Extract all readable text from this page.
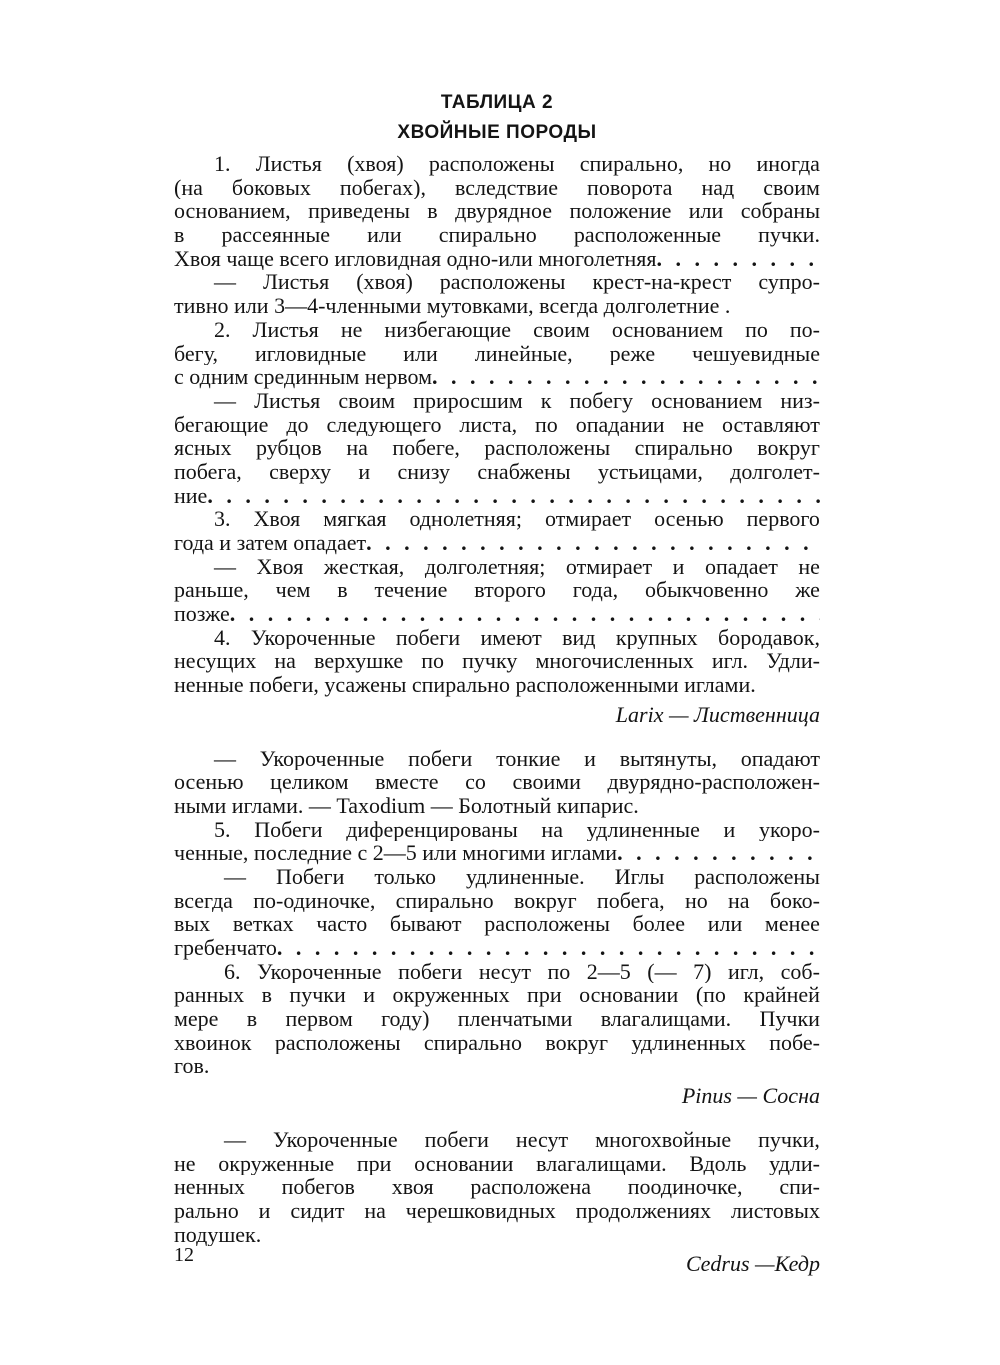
ТАБЛИЦА 2
ХВОЙНЫЕ ПОРОДЫ
1. Листья (хвоя) расположены спирально, но иногда
(на боковых побегах), вследствие поворота над своим
основанием, приведены в двурядное положение или собраны
в рассеянные или спирально расположенные пучки.
Хвоя чаще всего игловидная одно-или многолетняя
. . .
— Листья (хвоя) расположены крест-на-крест супро-
тивно или 3—4-членными мутовками, всегда долголетние .
2. Листья не низбегающие своим основанием по по-
бегу, игловидные или линейные, реже чешуевидные
с одним срединным нервом
. . .
— Листья своим приросшим к побегу основанием низ-
бегающие до следующего листа, по опадании не оставляют
ясных рубцов на побеге, расположены спирально вокруг
побега, сверху и снизу снабжены устьицами, долголет-
ние
. . .
3. Хвоя мягкая однолетняя; отмирает осенью первого
года и затем опадает
. . .
— Хвоя жесткая, долголетняя; отмирает и опадает не
раньше, чем в течение второго года, обыкчовенно же
позже
. . .
4. Укороченные побеги имеют вид крупных бородавок,
несущих на верхушке по пучку многочисленных игл. Удли-
ненные побеги, усажены спирально расположенными иглами.
Larix — Лиственница
— Укороченные побеги тонкие и вытянуты, опадают
осенью целиком вместе со своими двурядно-расположен-
ными иглами. — Taxodium — Болотный кипарис.
5. Побеги диференцированы на удлиненные и укоро-
ченные, последние с 2—5 или многими иглами
. . .
— Побеги только удлиненные. Иглы расположены
всегда по-одиночке, спирально вокруг побега, но на боко-
вых ветках часто бывают расположены более или менее
гребенчато
. . .
6. Укороченные побеги несут по 2—5 (— 7) игл, соб-
ранных в пучки и окруженных при основании (по крайней
мере в первом году) пленчатыми влагалищами. Пучки
хвоинок расположены спирально вокруг удлиненных побе-
гов.
Pinus — Сосна
— Укороченные побеги несут многохвойные пучки,
не окруженные при основании влагалищами. Вдоль удли-
ненных побегов хвоя расположена поодиночке, спи-
рально и сидит на черешковидных продолжениях листовых
подушек.
Cedrus —Кедр
12
